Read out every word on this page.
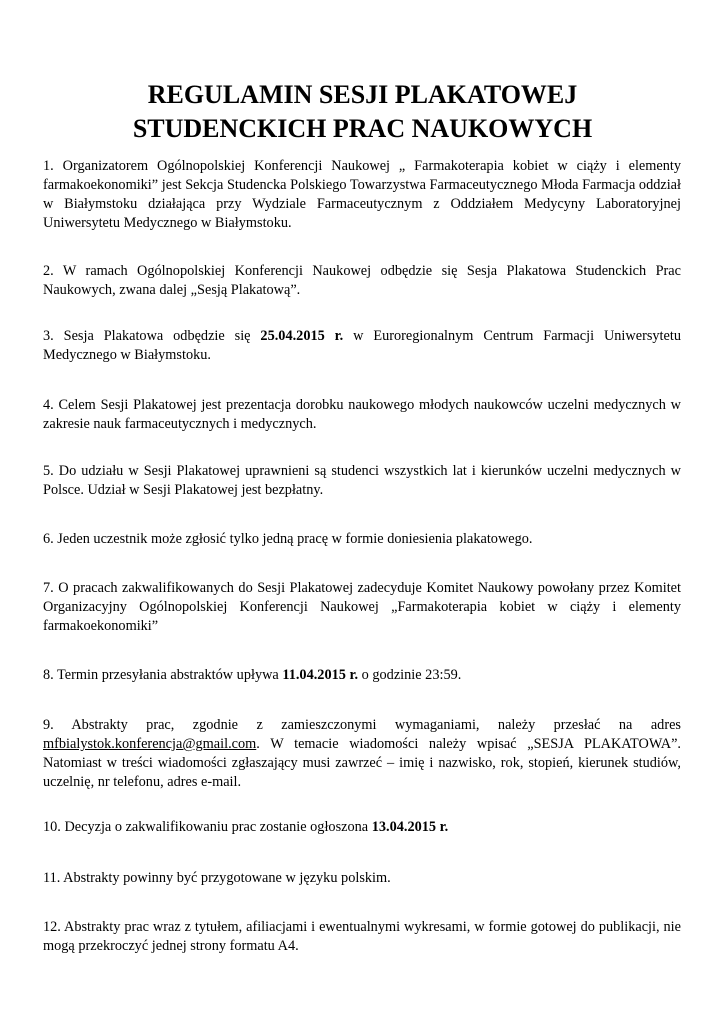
REGULAMIN SESJI PLAKATOWEJ
STUDENCKICH PRAC NAUKOWYCH
1. Organizatorem Ogólnopolskiej Konferencji Naukowej „ Farmakoterapia kobiet w ciąży i elementy farmakoekonomiki” jest Sekcja Studencka Polskiego Towarzystwa Farmaceutycznego Młoda Farmacja oddział w Białymstoku działająca przy Wydziale Farmaceutycznym z Oddziałem Medycyny Laboratoryjnej Uniwersytetu Medycznego w Białymstoku.
2. W ramach Ogólnopolskiej Konferencji Naukowej odbędzie się Sesja Plakatowa Studenckich Prac Naukowych, zwana dalej „Sesją Plakatową”.
3. Sesja Plakatowa odbędzie się 25.04.2015 r. w Euroregionalnym Centrum Farmacji Uniwersytetu Medycznego w Białymstoku.
4. Celem Sesji Plakatowej jest prezentacja dorobku naukowego młodych naukowców uczelni medycznych w zakresie nauk farmaceutycznych i medycznych.
5. Do udziału w Sesji Plakatowej uprawnieni są studenci wszystkich lat i kierunków uczelni medycznych w Polsce. Udział w Sesji Plakatowej jest bezpłatny.
6. Jeden uczestnik może zgłosić tylko jedną pracę w formie doniesienia plakatowego.
7. O pracach zakwalifikowanych do Sesji Plakatowej zadecyduje Komitet Naukowy powołany przez Komitet Organizacyjny Ogólnopolskiej Konferencji Naukowej „Farmakoterapia kobiet w ciąży i elementy farmakoekonomiki”
8. Termin przesyłania abstraktów upływa 11.04.2015 r. o godzinie 23:59.
9. Abstrakty prac, zgodnie z zamieszczonymi wymaganiami, należy przesłać na adres mfbialystok.konferencja@gmail.com. W temacie wiadomości należy wpisać „SESJA PLAKATOWA”. Natomiast w treści wiadomości zgłaszający musi zawrzeć – imię i nazwisko, rok, stopień, kierunek studiów, uczelnię, nr telefonu, adres e-mail.
10. Decyzja o zakwalifikowaniu prac zostanie ogłoszona 13.04.2015 r.
11. Abstrakty powinny być przygotowane w języku polskim.
12. Abstrakty prac wraz z tytułem, afiliacjami i ewentualnymi wykresami, w formie gotowej do publikacji, nie mogą przekroczyć jednej strony formatu A4.
